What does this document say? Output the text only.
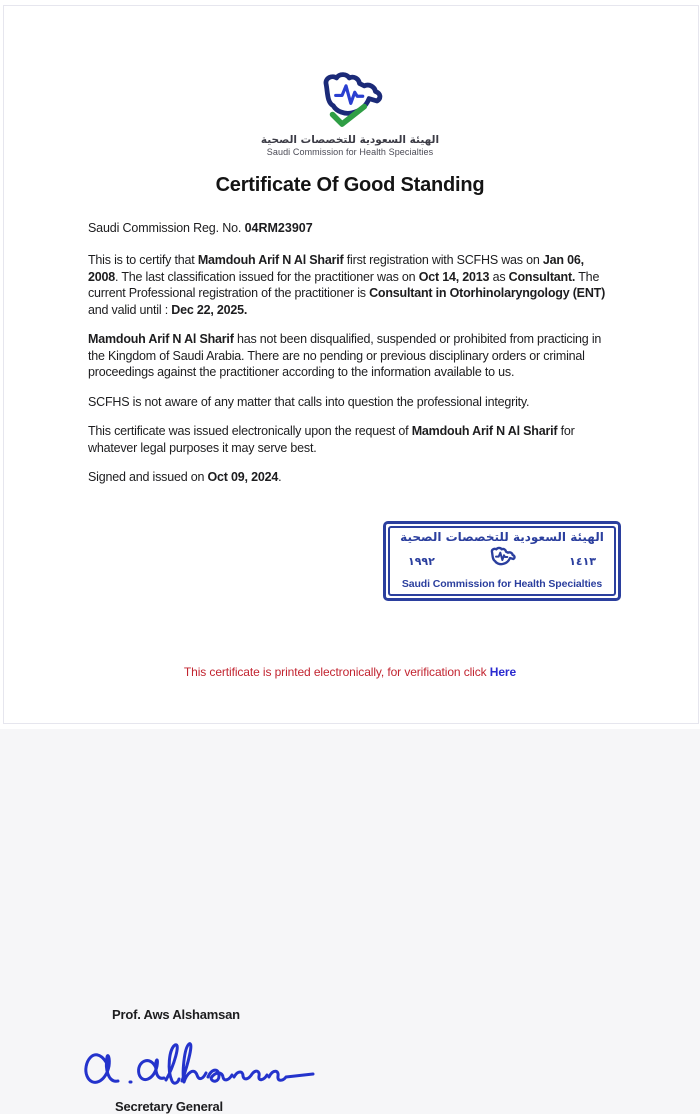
الهيئة السعودية للتخصصات الصحية
Saudi Commission for Health Specialties
Certificate Of Good Standing
Saudi Commission Reg. No. 04RM23907

This is to certify that Mamdouh Arif N Al Sharif first registration with SCFHS was on Jan 06, 2008. The last classification issued for the practitioner was on Oct 14, 2013 as Consultant. The current Professional registration of the practitioner is Consultant in Otorhinolaryngology (ENT) and valid until : Dec 22, 2025.

Mamdouh Arif N Al Sharif has not been disqualified, suspended or prohibited from practicing in the Kingdom of Saudi Arabia. There are no pending or previous disciplinary orders or criminal proceedings against the practitioner according to the information available to us.

SCFHS is not aware of any matter that calls into question the professional integrity.

This certificate was issued electronically upon the request of Mamdouh Arif N Al Sharif for whatever legal purposes it may serve best.

Signed and issued on Oct 09, 2024.

Prof. Aws Alshamsan
Secretary General
الهيئة السعودية للتخصصات الصحية
١٩٩٢	١٤١٣
Saudi Commission for Health Specialties
This certificate is printed electronically, for verification click Here
